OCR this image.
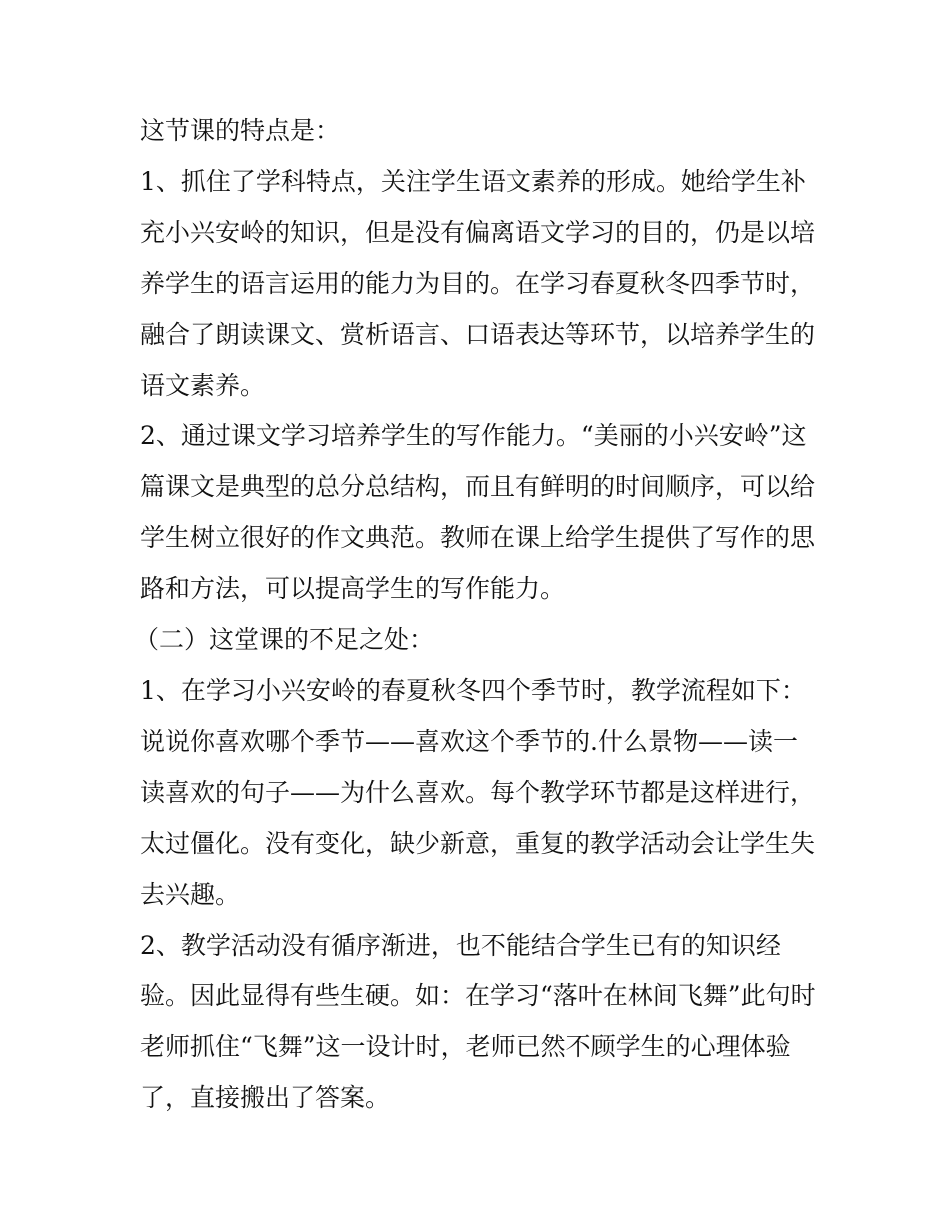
这节课的特点是：
1、抓住了学科特点，关注学生语文素养的形成。她给学生补
充小兴安岭的知识，但是没有偏离语文学习的目的，仍是以培
养学生的语言运用的能力为目的。在学习春夏秋冬四季节时，
融合了朗读课文、赏析语言、口语表达等环节，以培养学生的
语文素养。
2、通过课文学习培养学生的写作能力。“美丽的小兴安岭”这
篇课文是典型的总分总结构，而且有鲜明的时间顺序，可以给
学生树立很好的作文典范。教师在课上给学生提供了写作的思
路和方法，可以提高学生的写作能力。
（二）这堂课的不足之处：
1、在学习小兴安岭的春夏秋冬四个季节时，教学流程如下：
说说你喜欢哪个季节——喜欢这个季节的.什么景物——读一
读喜欢的句子——为什么喜欢。每个教学环节都是这样进行，
太过僵化。没有变化，缺少新意，重复的教学活动会让学生失
去兴趣。
2、教学活动没有循序渐进，也不能结合学生已有的知识经
验。因此显得有些生硬。如：在学习“落叶在林间飞舞”此句时
老师抓住“飞舞”这一设计时，老师已然不顾学生的心理体验
了，直接搬出了答案。
